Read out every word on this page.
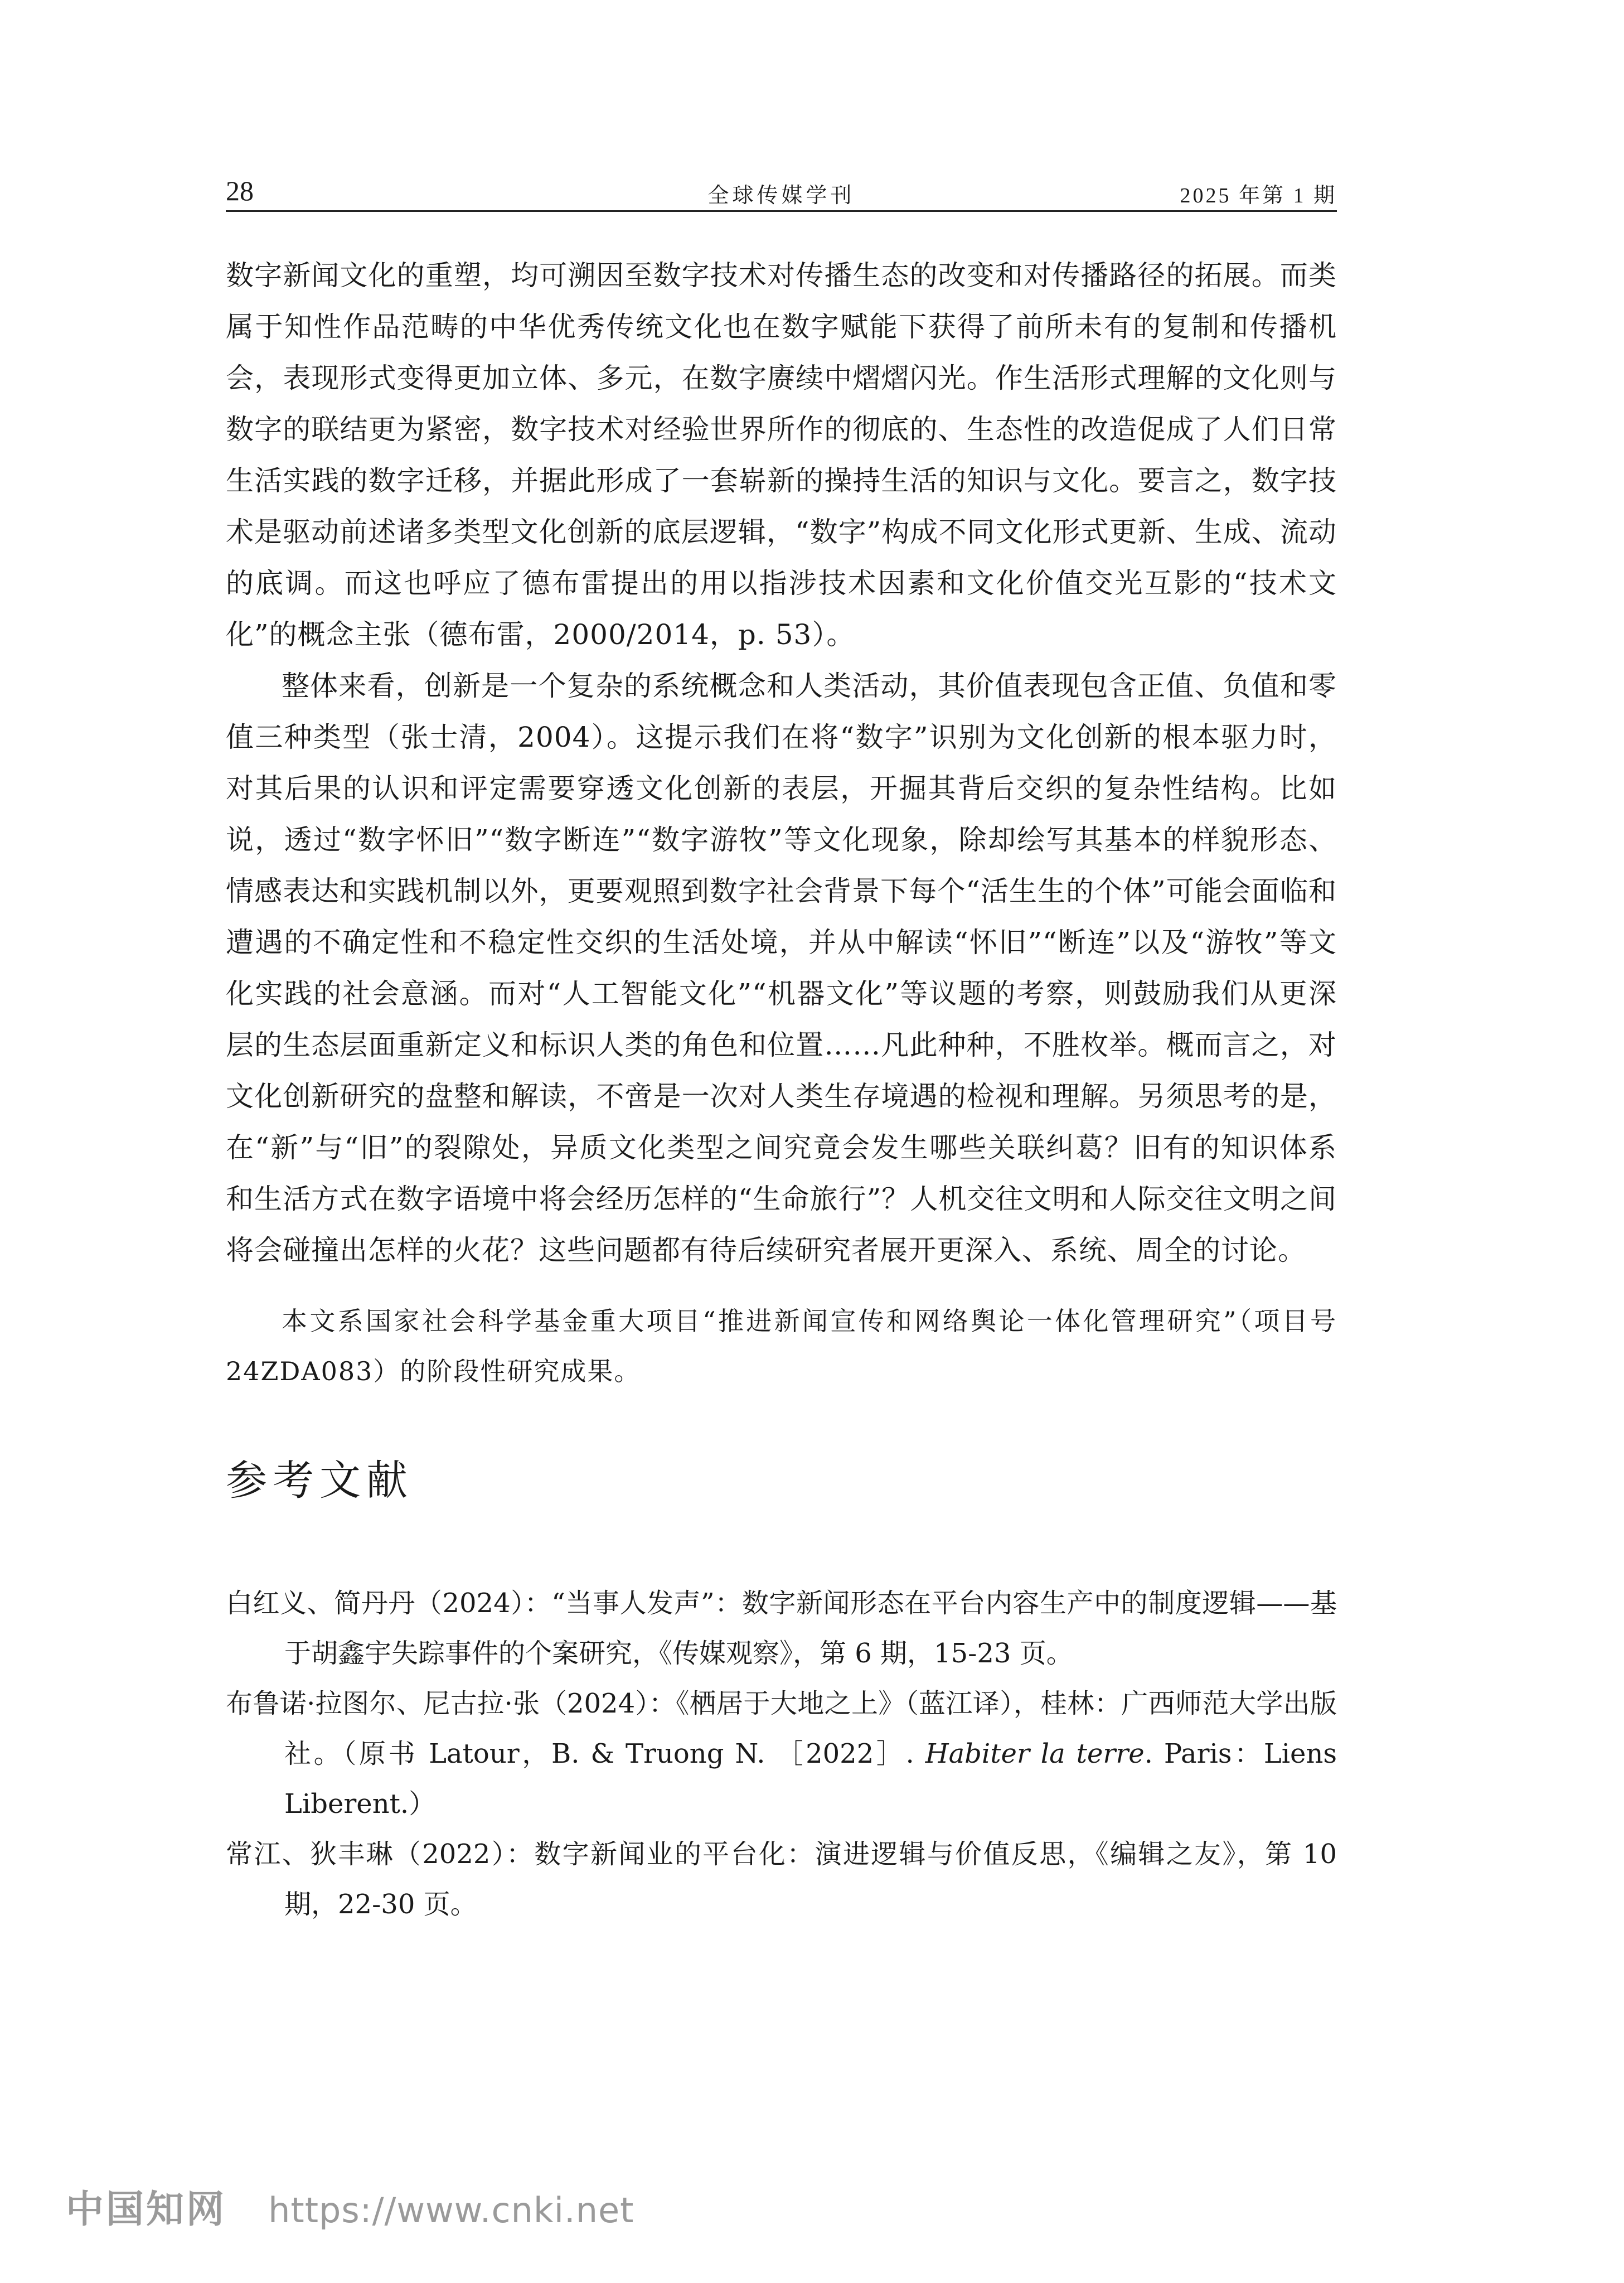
28	全球传媒学刊	2025 年第 1 期

数字新闻文化的重塑，均可溯因至数字技术对传播生态的改变和对传播路径的拓展。而类属于知性作品范畴的中华优秀传统文化也在数字赋能下获得了前所未有的复制和传播机会，表现形式变得更加立体、多元，在数字赓续中熠熠闪光。作生活形式理解的文化则与数字的联结更为紧密，数字技术对经验世界所作的彻底的、生态性的改造促成了人们日常生活实践的数字迁移，并据此形成了一套崭新的操持生活的知识与文化。要言之，数字技术是驱动前述诸多类型文化创新的底层逻辑，“数字”构成不同文化形式更新、生成、流动的底调。而这也呼应了德布雷提出的用以指涉技术因素和文化价值交光互影的“技术文化”的概念主张（德布雷，2000/2014，p. 53）。

整体来看，创新是一个复杂的系统概念和人类活动，其价值表现包含正值、负值和零值三种类型（张士清，2004）。这提示我们在将“数字”识别为文化创新的根本驱力时，对其后果的认识和评定需要穿透文化创新的表层，开掘其背后交织的复杂性结构。比如说，透过“数字怀旧”“数字断连”“数字游牧”等文化现象，除却绘写其基本的样貌形态、情感表达和实践机制以外，更要观照到数字社会背景下每个“活生生的个体”可能会面临和遭遇的不确定性和不稳定性交织的生活处境，并从中解读“怀旧”“断连”以及“游牧”等文化实践的社会意涵。而对“人工智能文化”“机器文化”等议题的考察，则鼓励我们从更深层的生态层面重新定义和标识人类的角色和位置……凡此种种，不胜枚举。概而言之，对文化创新研究的盘整和解读，不啻是一次对人类生存境遇的检视和理解。另须思考的是，在“新”与“旧”的裂隙处，异质文化类型之间究竟会发生哪些关联纠葛？旧有的知识体系和生活方式在数字语境中将会经历怎样的“生命旅行”？人机交往文明和人际交往文明之间将会碰撞出怎样的火花？这些问题都有待后续研究者展开更深入、系统、周全的讨论。

本文系国家社会科学基金重大项目“推进新闻宣传和网络舆论一体化管理研究”（项目号 24ZDA083）的阶段性研究成果。

参考文献

白红义、简丹丹（2024）：“当事人发声”：数字新闻形态在平台内容生产中的制度逻辑——基于胡鑫宇失踪事件的个案研究，《传媒观察》，第 6 期，15-23 页。

布鲁诺·拉图尔、尼古拉·张（2024）：《栖居于大地之上》（蓝江译），桂林：广西师范大学出版社。（原书 Latour，B. & Truong N. ［2022］. Habiter la terre. Paris：Liens Liberent.）

常江、狄丰琳（2022）：数字新闻业的平台化：演进逻辑与价值反思，《编辑之友》，第 10 期，22-30 页。

中国知网 https://www.cnki.net
